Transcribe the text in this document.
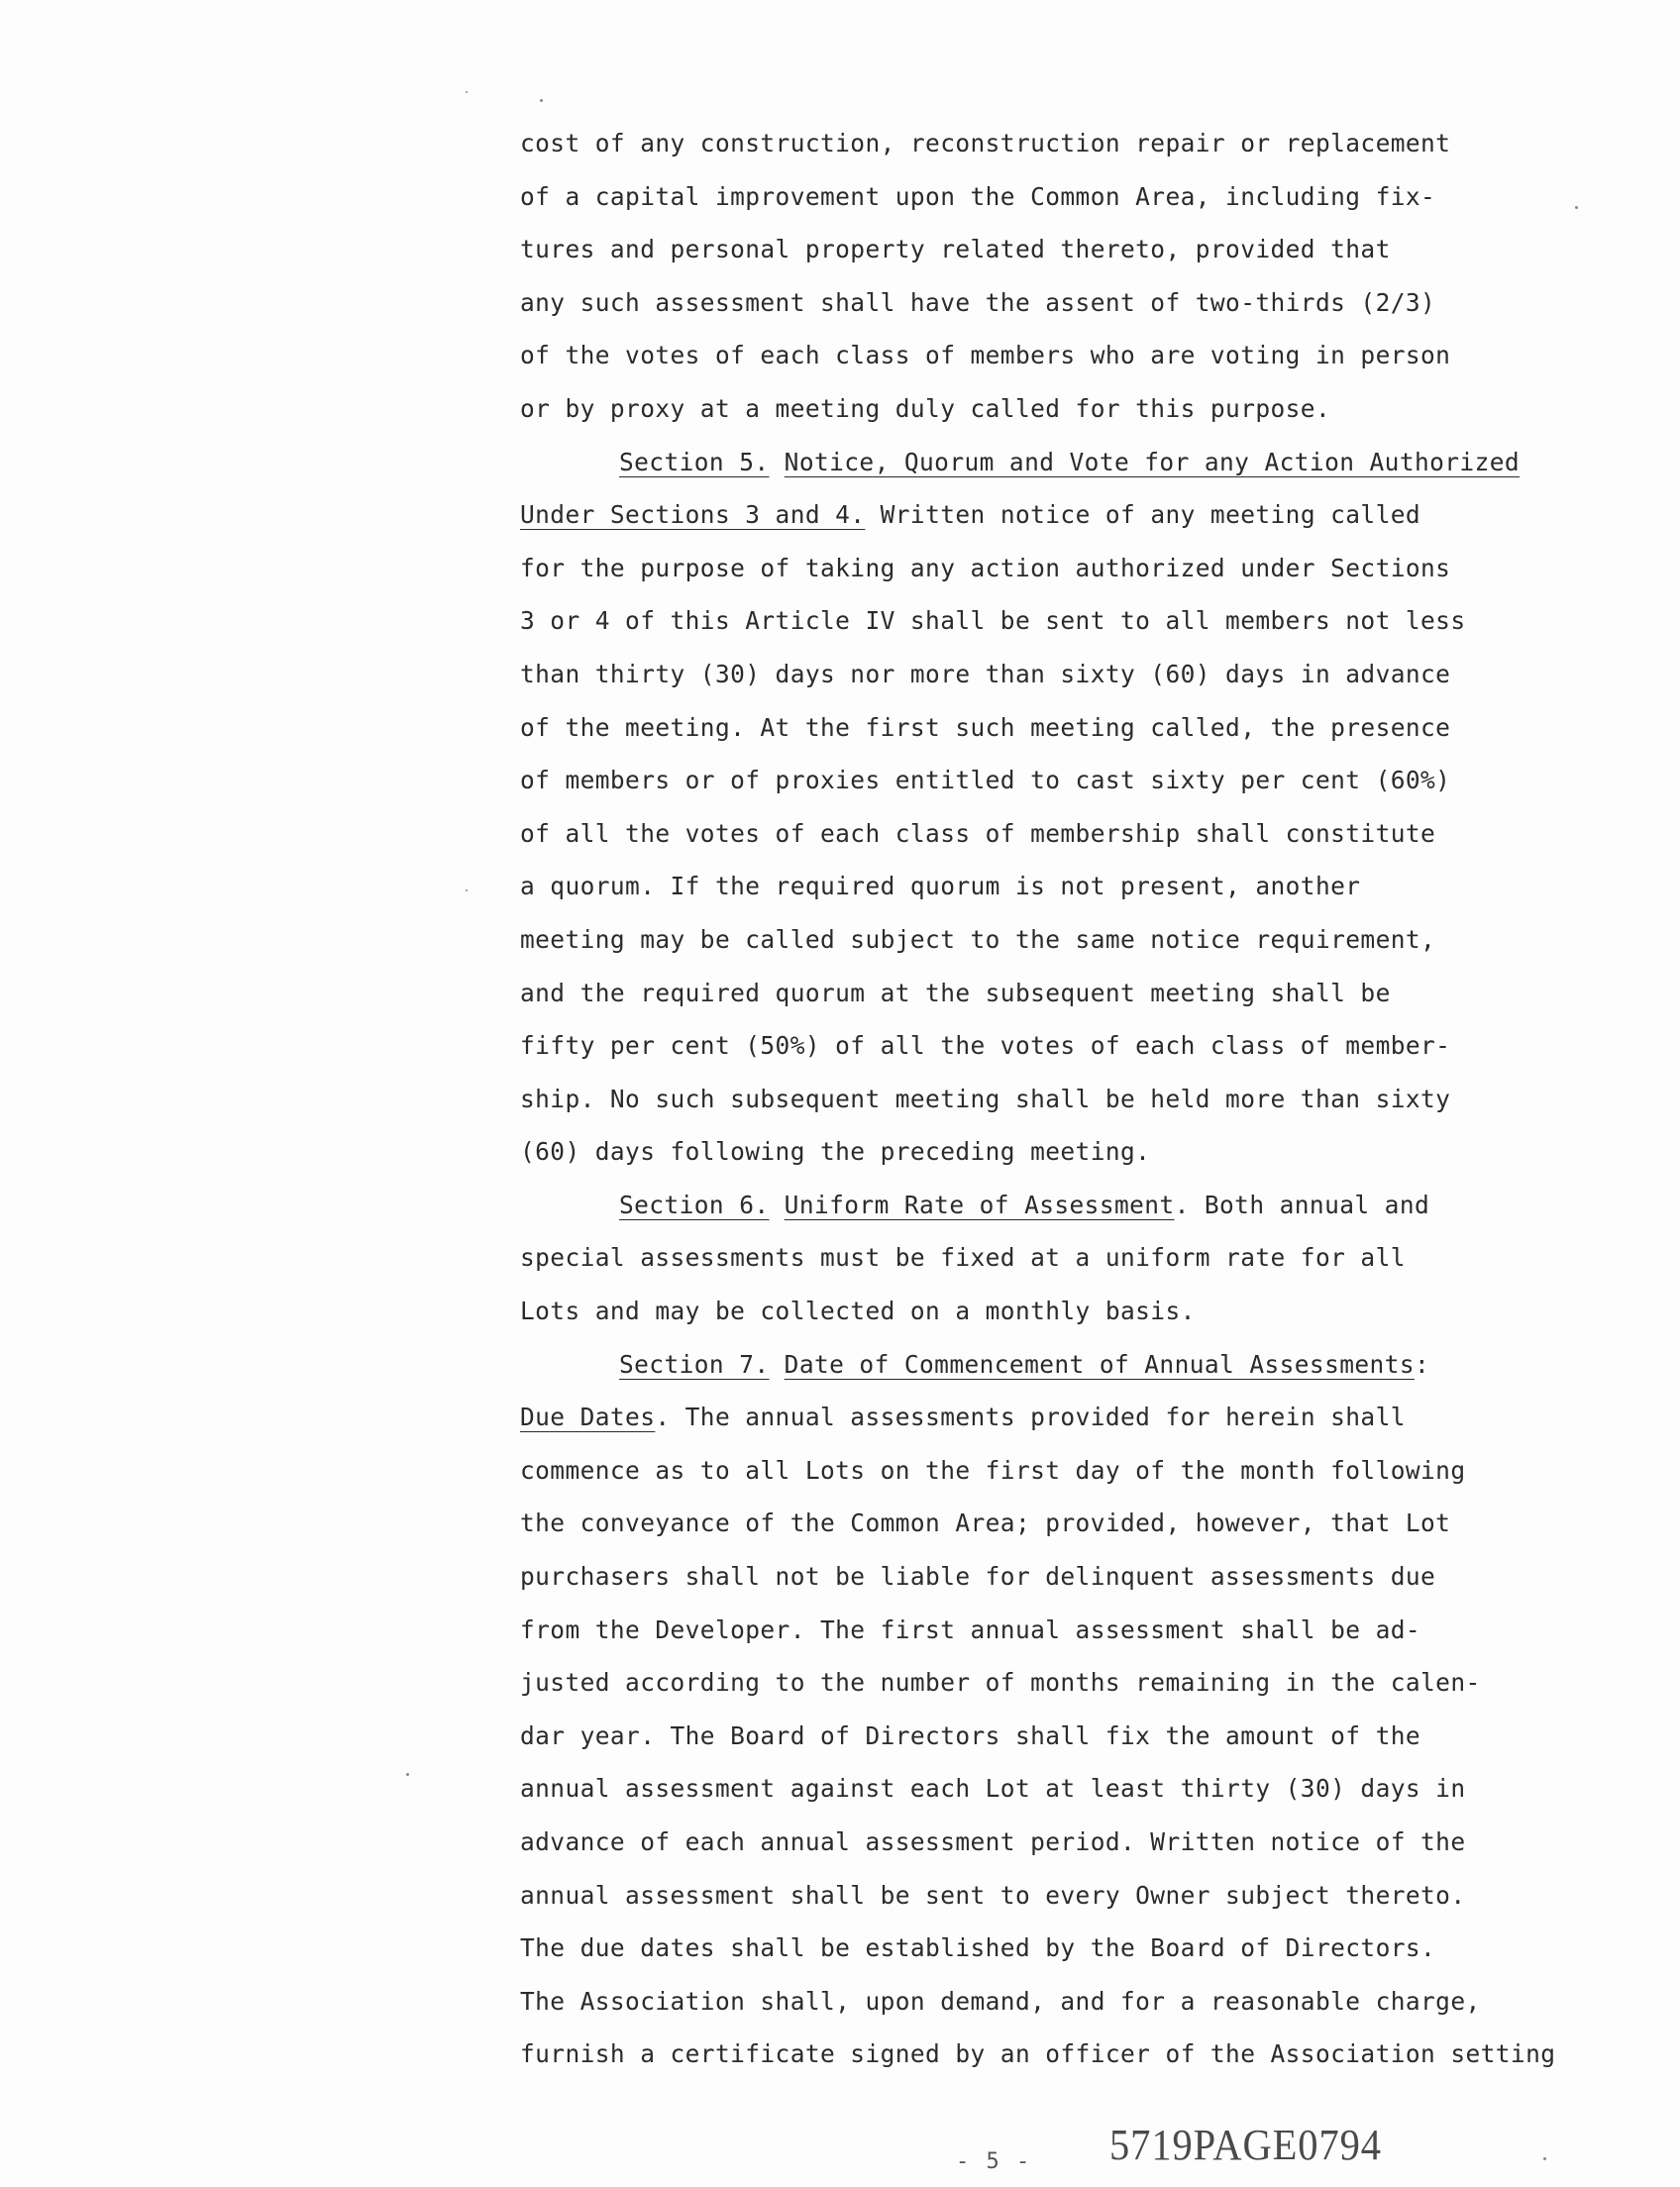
cost of any construction, reconstruction repair or replacement
of a capital improvement upon the Common Area, including fix-
tures and personal property related thereto, provided that
any such assessment shall have the assent of two-thirds (2/3)
of the votes of each class of members who are voting in person
or by proxy at a meeting duly called for this purpose.
Section 5. Notice, Quorum and Vote for any Action Authorized
Under Sections 3 and 4. Written notice of any meeting called
for the purpose of taking any action authorized under Sections
3 or 4 of this Article IV shall be sent to all members not less
than thirty (30) days nor more than sixty (60) days in advance
of the meeting. At the first such meeting called, the presence
of members or of proxies entitled to cast sixty per cent (60%)
of all the votes of each class of membership shall constitute
a quorum. If the required quorum is not present, another
meeting may be called subject to the same notice requirement,
and the required quorum at the subsequent meeting shall be
fifty per cent (50%) of all the votes of each class of member-
ship. No such subsequent meeting shall be held more than sixty
(60) days following the preceding meeting.
Section 6. Uniform Rate of Assessment. Both annual and
special assessments must be fixed at a uniform rate for all
Lots and may be collected on a monthly basis.
Section 7. Date of Commencement of Annual Assessments:
Due Dates. The annual assessments provided for herein shall
commence as to all Lots on the first day of the month following
the conveyance of the Common Area; provided, however, that Lot
purchasers shall not be liable for delinquent assessments due
from the Developer. The first annual assessment shall be ad-
justed according to the number of months remaining in the calen-
dar year. The Board of Directors shall fix the amount of the
annual assessment against each Lot at least thirty (30) days in
advance of each annual assessment period. Written notice of the
annual assessment shall be sent to every Owner subject thereto.
The due dates shall be established by the Board of Directors.
The Association shall, upon demand, and for a reasonable charge,
furnish a certificate signed by an officer of the Association setting
- 5 - 5719PAGE0794
